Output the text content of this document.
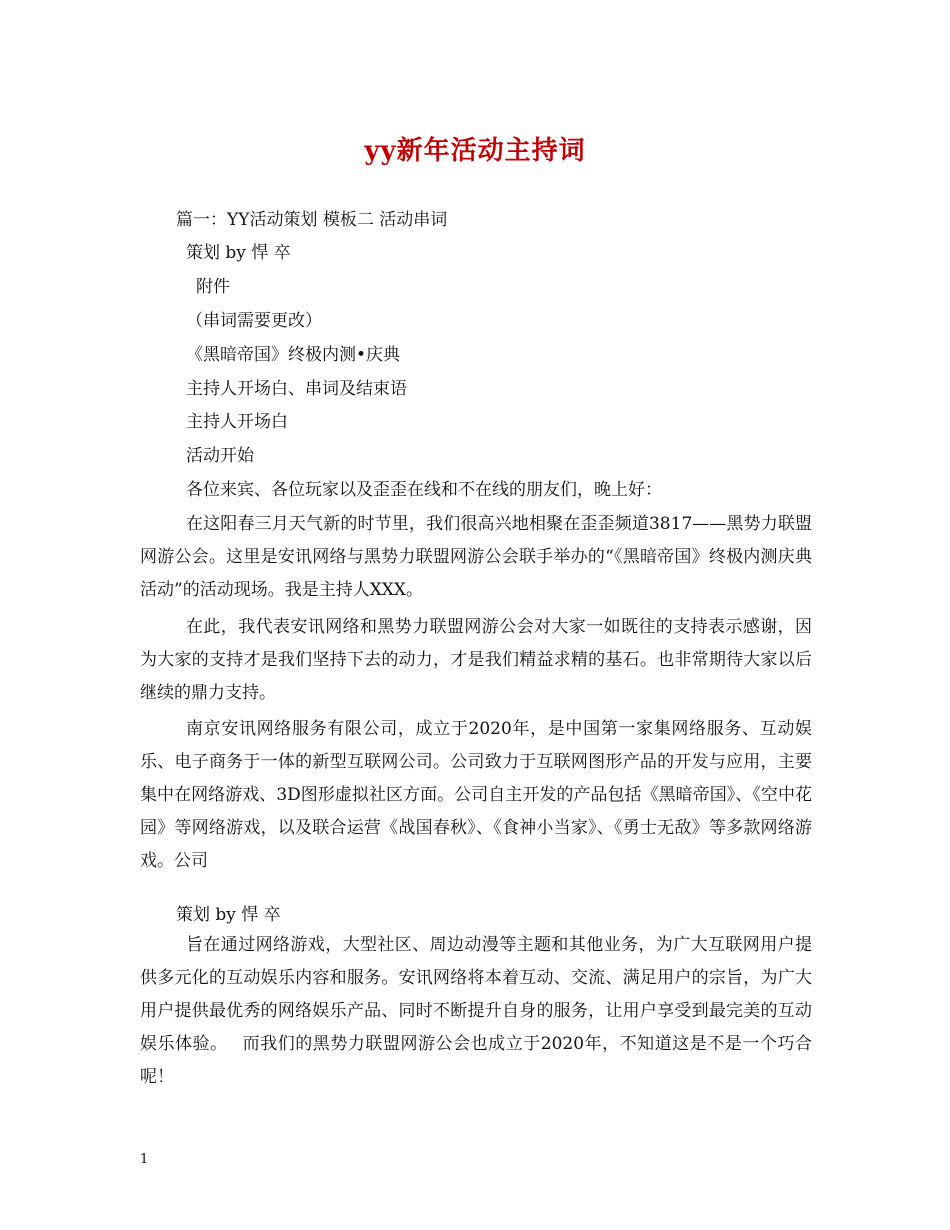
yy新年活动主持词
篇一：YY活动策划 模板二 活动串词
策划 by 悍 卒
附件
（串词需要更改）
《黑暗帝国》终极内测•庆典
主持人开场白、串词及结束语
主持人开场白
活动开始
各位来宾、各位玩家以及歪歪在线和不在线的朋友们，晚上好：
在这阳春三月天气新的时节里，我们很高兴地相聚在歪歪频道3817——黑势力联盟网游公会。这里是安讯网络与黑势力联盟网游公会联手举办的“《黑暗帝国》终极内测庆典活动”的活动现场。我是主持人XXX。
在此，我代表安讯网络和黑势力联盟网游公会对大家一如既往的支持表示感谢，因为大家的支持才是我们坚持下去的动力，才是我们精益求精的基石。也非常期待大家以后继续的鼎力支持。
南京安讯网络服务有限公司，成立于2020年，是中国第一家集网络服务、互动娱乐、电子商务于一体的新型互联网公司。公司致力于互联网图形产品的开发与应用，主要集中在网络游戏、3D图形虚拟社区方面。公司自主开发的产品包括《黑暗帝国》、《空中花园》等网络游戏，以及联合运营《战国春秋》、《食神小当家》、《勇士无敌》等多款网络游戏。公司
策划 by 悍 卒
旨在通过网络游戏，大型社区、周边动漫等主题和其他业务，为广大互联网用户提供多元化的互动娱乐内容和服务。安讯网络将本着互动、交流、满足用户的宗旨，为广大用户提供最优秀的网络娱乐产品、同时不断提升自身的服务，让用户享受到最完美的互动娱乐体验。　 而我们的黑势力联盟网游公会也成立于2020年，不知道这是不是一个巧合呢！
1
